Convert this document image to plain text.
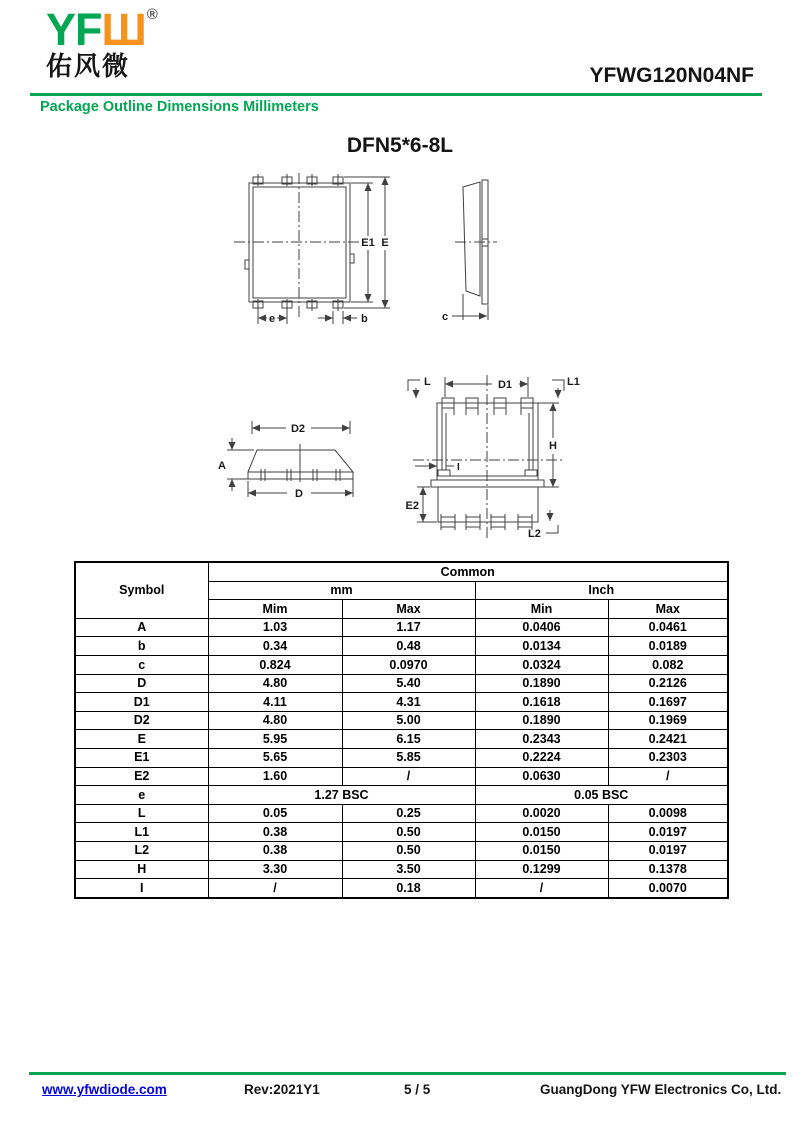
YFШ®
佑风微	YFWG120N04NF
Package Outline Dimensions Millimeters
DFN5*6-8L
E1 E
e	b	c
D2
D
A
D1
L	L1
H
E2
L2
I
Symbol	Common			
	mm		Inch	
	Mim	Max	Min	Max
A	1.03	1.17	0.0406	0.0461
b	0.34	0.48	0.0134	0.0189
c	0.824	0.0970	0.0324	0.082
D	4.80	5.40	0.1890	0.2126
D1	4.11	4.31	0.1618	0.1697
D2	4.80	5.00	0.1890	0.1969
E	5.95	6.15	0.2343	0.2421
E1	5.65	5.85	0.2224	0.2303
E2	1.60	/	0.0630	/
e	1.27 BSC		0.05 BSC	
L	0.05	0.25	0.0020	0.0098
L1	0.38	0.50	0.0150	0.0197
L2	0.38	0.50	0.0150	0.0197
H	3.30	3.50	0.1299	0.1378
I	/	0.18	/	0.0070
www.yfwdiode.com	Rev:2021Y1	5 / 5	GuangDong YFW Electronics Co, Ltd.
